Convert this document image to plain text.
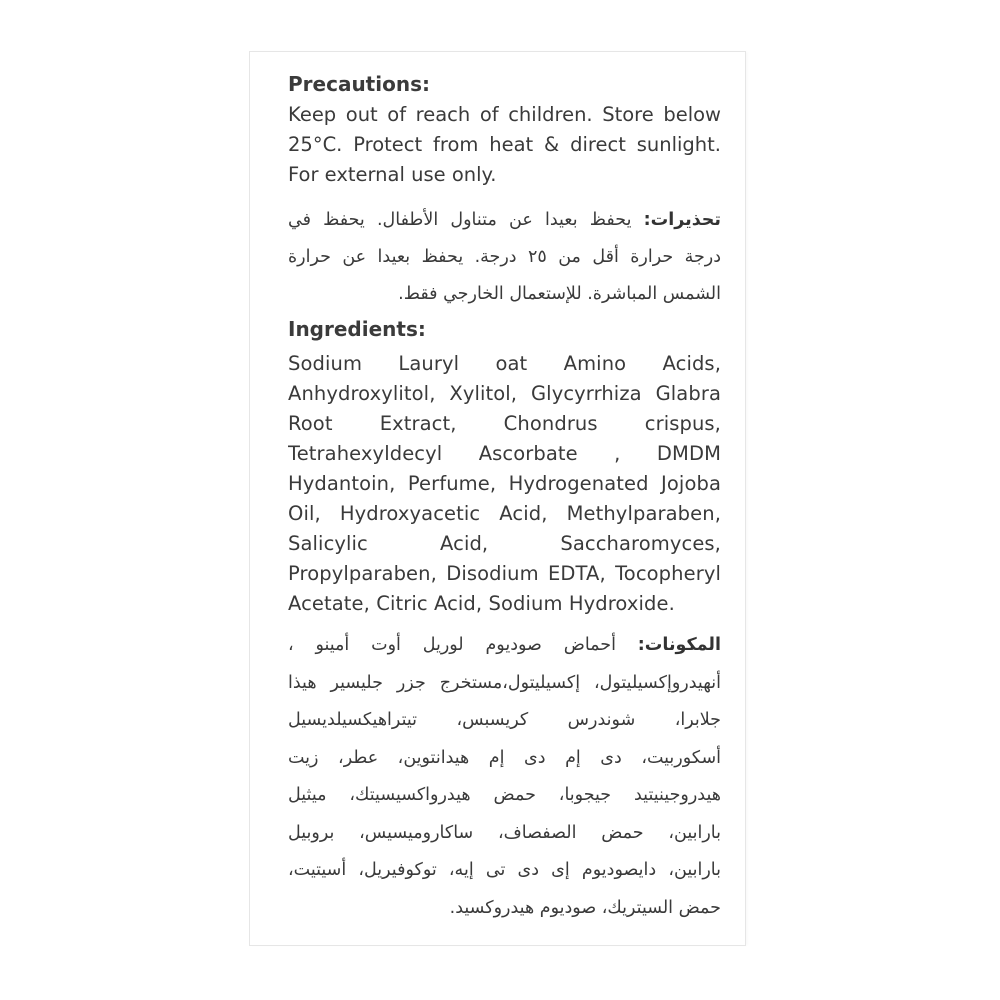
Precautions:

Keep out of reach of children. Store below
25°C. Protect from heat & direct sunlight.
For external use only.

تحذيرات: يحفظ بعيدا عن متناول الأطفال. يحفظ في
درجة حرارة أقل من ٢٥ درجة. يحفظ بعيدا عن حرارة
الشمس المباشرة. للإستعمال الخارجي فقط.
Ingredients:

Sodium Lauryl oat Amino Acids,
Anhydroxylitol, Xylitol, Glycyrrhiza Glabra
Root Extract, Chondrus crispus,
Tetrahexyldecyl Ascorbate , DMDM
Hydantoin, Perfume, Hydrogenated Jojoba
Oil, Hydroxyacetic Acid, Methylparaben,
Salicylic Acid, Saccharomyces,
Propylparaben, Disodium EDTA, Tocopheryl
Acetate, Citric Acid, Sodium Hydroxide.

المكونات: أحماض صوديوم لوريل أوت أمينو ،
أنهيدروإكسيليتول، إكسيليتول،مستخرج جزر جليسير هيذا
جلابرا، شوندرس كريسبس، تيتراهيكسيلديسيل
أسكوربيت، دى إم دى إم هيدانتوين، عطر، زيت
هيدروجينيتيد جيجوبا، حمض هيدرواكسيسيتك، ميثيل
بارابين، حمض الصفصاف، ساكاروميسيس، بروبيل
بارابين، دايصوديوم إى دى تى إيه، توكوفيريل، أسيتيت،
حمض السيتريك، صوديوم هيدروكسيد.
